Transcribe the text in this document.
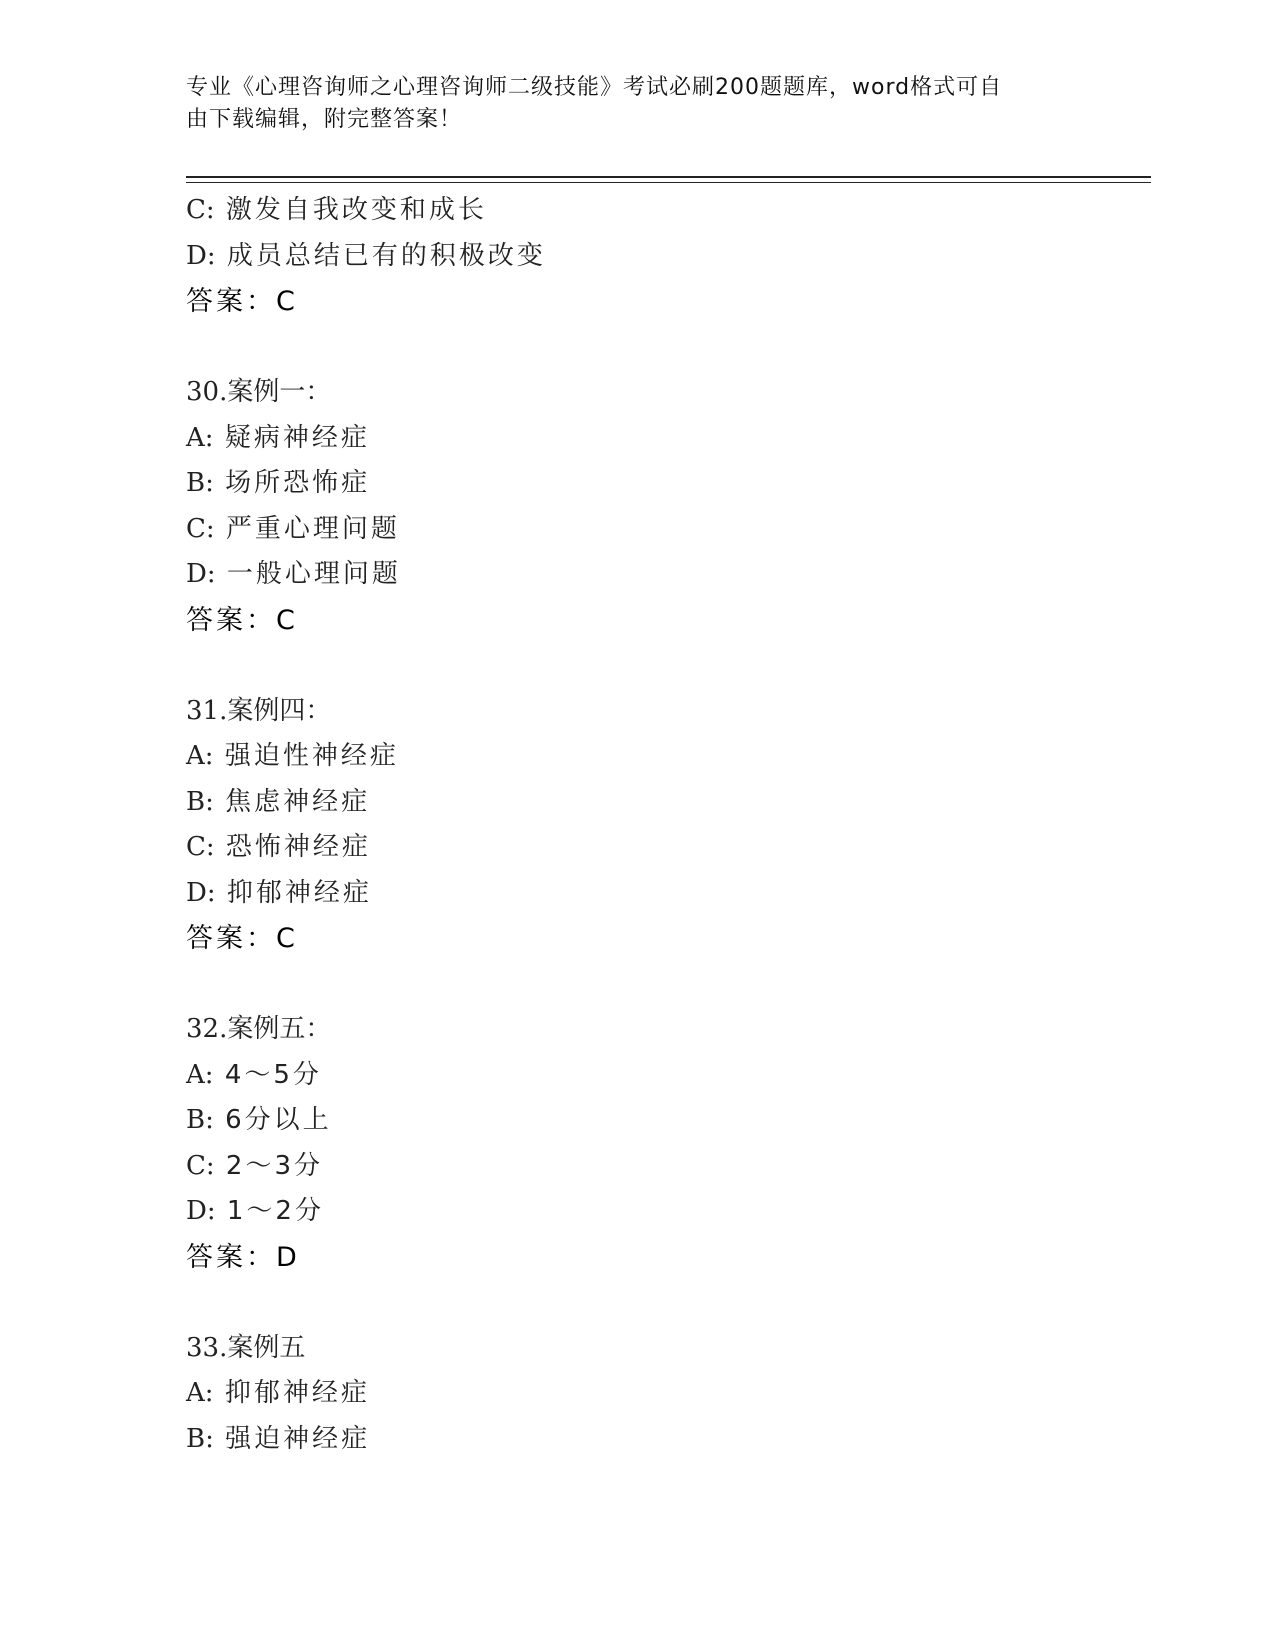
专业《心理咨询师之心理咨询师二级技能》考试必刷200题题库，word格式可自
由下载编辑，附完整答案！
C: 激发自我改变和成长
D: 成员总结已有的积极改变
答案：C
30.案例一：
A: 疑病神经症
B: 场所恐怖症
C: 严重心理问题
D: 一般心理问题
答案：C
31.案例四：
A: 强迫性神经症
B: 焦虑神经症
C: 恐怖神经症
D: 抑郁神经症
答案：C
32.案例五：
A: 4～5分
B: 6分以上
C: 2～3分
D: 1～2分
答案：D
33.案例五
A: 抑郁神经症
B: 强迫神经症
